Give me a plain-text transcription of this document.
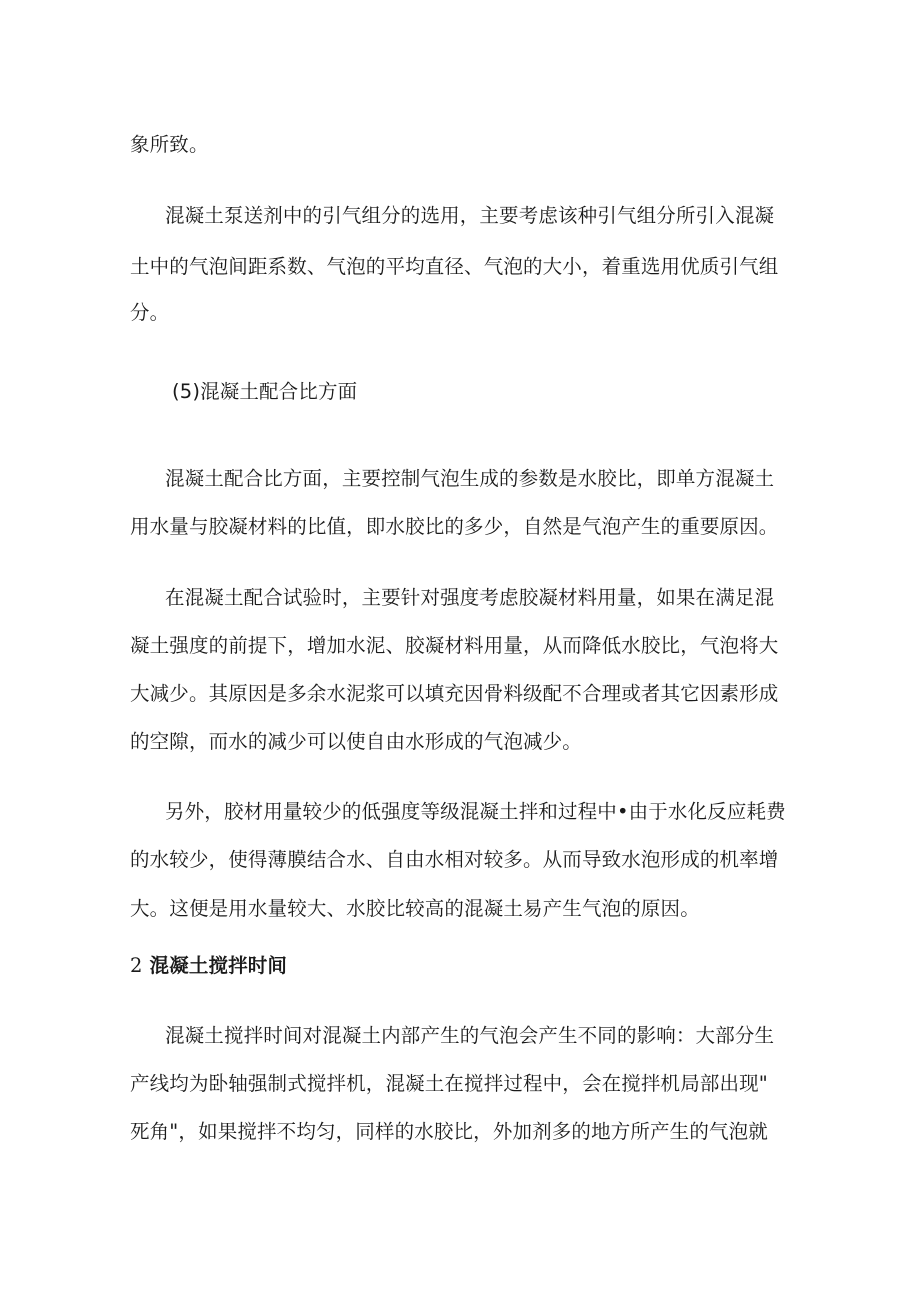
象所致。
混凝土泵送剂中的引气组分的选用，主要考虑该种引气组分所引入混凝
土中的气泡间距系数、气泡的平均直径、气泡的大小，着重选用优质引气组
分。
(5)混凝土配合比方面
混凝土配合比方面，主要控制气泡生成的参数是水胶比，即单方混凝土
用水量与胶凝材料的比值，即水胶比的多少，自然是气泡产生的重要原因。
在混凝土配合试验时，主要针对强度考虑胶凝材料用量，如果在满足混
凝土强度的前提下，增加水泥、胶凝材料用量，从而降低水胶比，气泡将大
大减少。其原因是多余水泥浆可以填充因骨料级配不合理或者其它因素形成
的空隙，而水的减少可以使自由水形成的气泡减少。
另外，胶材用量较少的低强度等级混凝土拌和过程中•由于水化反应耗费
的水较少，使得薄膜结合水、自由水相对较多。从而导致水泡形成的机率增
大。这便是用水量较大、水胶比较高的混凝土易产生气泡的原因。
2 混凝土搅拌时间
混凝土搅拌时间对混凝土内部产生的气泡会产生不同的影响：大部分生
产线均为卧轴强制式搅拌机，混凝土在搅拌过程中，会在搅拌机局部出现"
死角"，如果搅拌不均匀，同样的水胶比，外加剂多的地方所产生的气泡就
